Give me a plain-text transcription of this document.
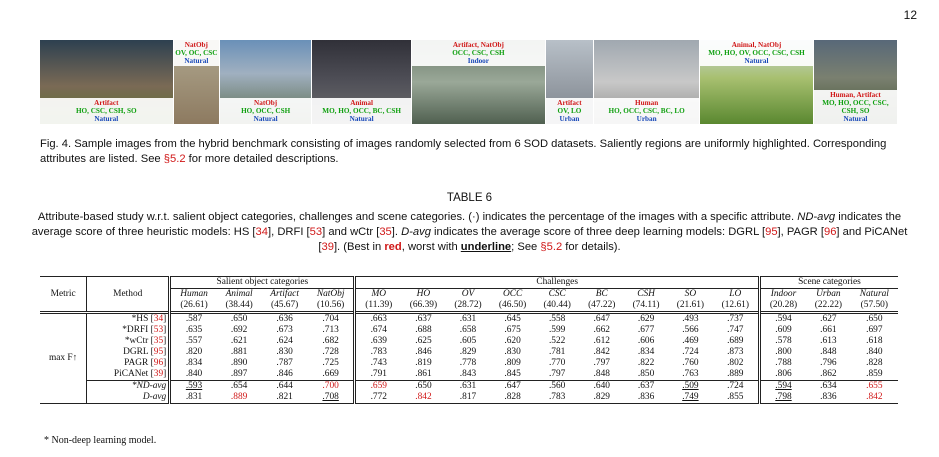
12
Artifact
HO, CSC, CSH, SO
Natural
NatObj
OV, OC, CSC
Natural
NatObj
HO, OCC, CSH
Natural
Animal
MO, HO, OCC, BC, CSH
Natural
Artifact, NatObj
OCC, CSC, CSH
Indoor
Artifact
OV, LO
Urban
Human
HO, OCC, CSC, BC, LO
Urban
Animal, NatObj
MO, HO, OV, OCC, CSC, CSH
Natural
Human, Artifact
MO, HO, OCC, CSC, CSH, SO
Natural
Fig. 4. Sample images from the hybrid benchmark consisting of images randomly selected from 6 SOD datasets. Saliently regions are uniformly highlighted. Corresponding attributes are listed. See §5.2 for more detailed descriptions.
TABLE 6
Attribute-based study w.r.t. salient object categories, challenges and scene categories. (·) indicates the percentage of the images with a specific attribute. ND-avg indicates the average score of three heuristic models: HS [34], DRFI [53] and wCtr [35]. D-avg indicates the average score of three deep learning models: DGRL [95], PAGR [96] and PiCANet [39]. (Best in red, worst with underline; See §5.2 for details).
Metric	Method	Salient object categories				Challenges									Scene categories		
		Human	Animal	Artifact	NatObj	MO	HO	OV	OCC	CSC	BC	CSH	SO	LO	Indoor	Urban	Natural
		(26.61)	(38.44)	(45.67)	(10.56)	(11.39)	(66.39)	(28.72)	(46.50)	(40.44)	(47.22)	(74.11)	(21.61)	(12.61)	(20.28)	(22.22)	(57.50)
max F↑	*HS [34]	.587	.650	.636	.704	.663	.637	.631	.645	.558	.647	.629	.493	.737	.594	.627	.650
	*DRFI [53]	.635	.692	.673	.713	.674	.688	.658	.675	.599	.662	.677	.566	.747	.609	.661	.697
	*wCtr [35]	.557	.621	.624	.682	.639	.625	.605	.620	.522	.612	.606	.469	.689	.578	.613	.618
	DGRL [95]	.820	.881	.830	.728	.783	.846	.829	.830	.781	.842	.834	.724	.873	.800	.848	.840
	PAGR [96]	.834	.890	.787	.725	.743	.819	.778	.809	.770	.797	.822	.760	.802	.788	.796	.828
	PiCANet [39]	.840	.897	.846	.669	.791	.861	.843	.845	.797	.848	.850	.763	.889	.806	.862	.859
	*ND-avg	.593	.654	.644	.700	.659	.650	.631	.647	.560	.640	.637	.509	.724	.594	.634	.655
	D-avg	.831	.889	.821	.708	.772	.842	.817	.828	.783	.829	.836	.749	.855	.798	.836	.842
* Non-deep learning model.
